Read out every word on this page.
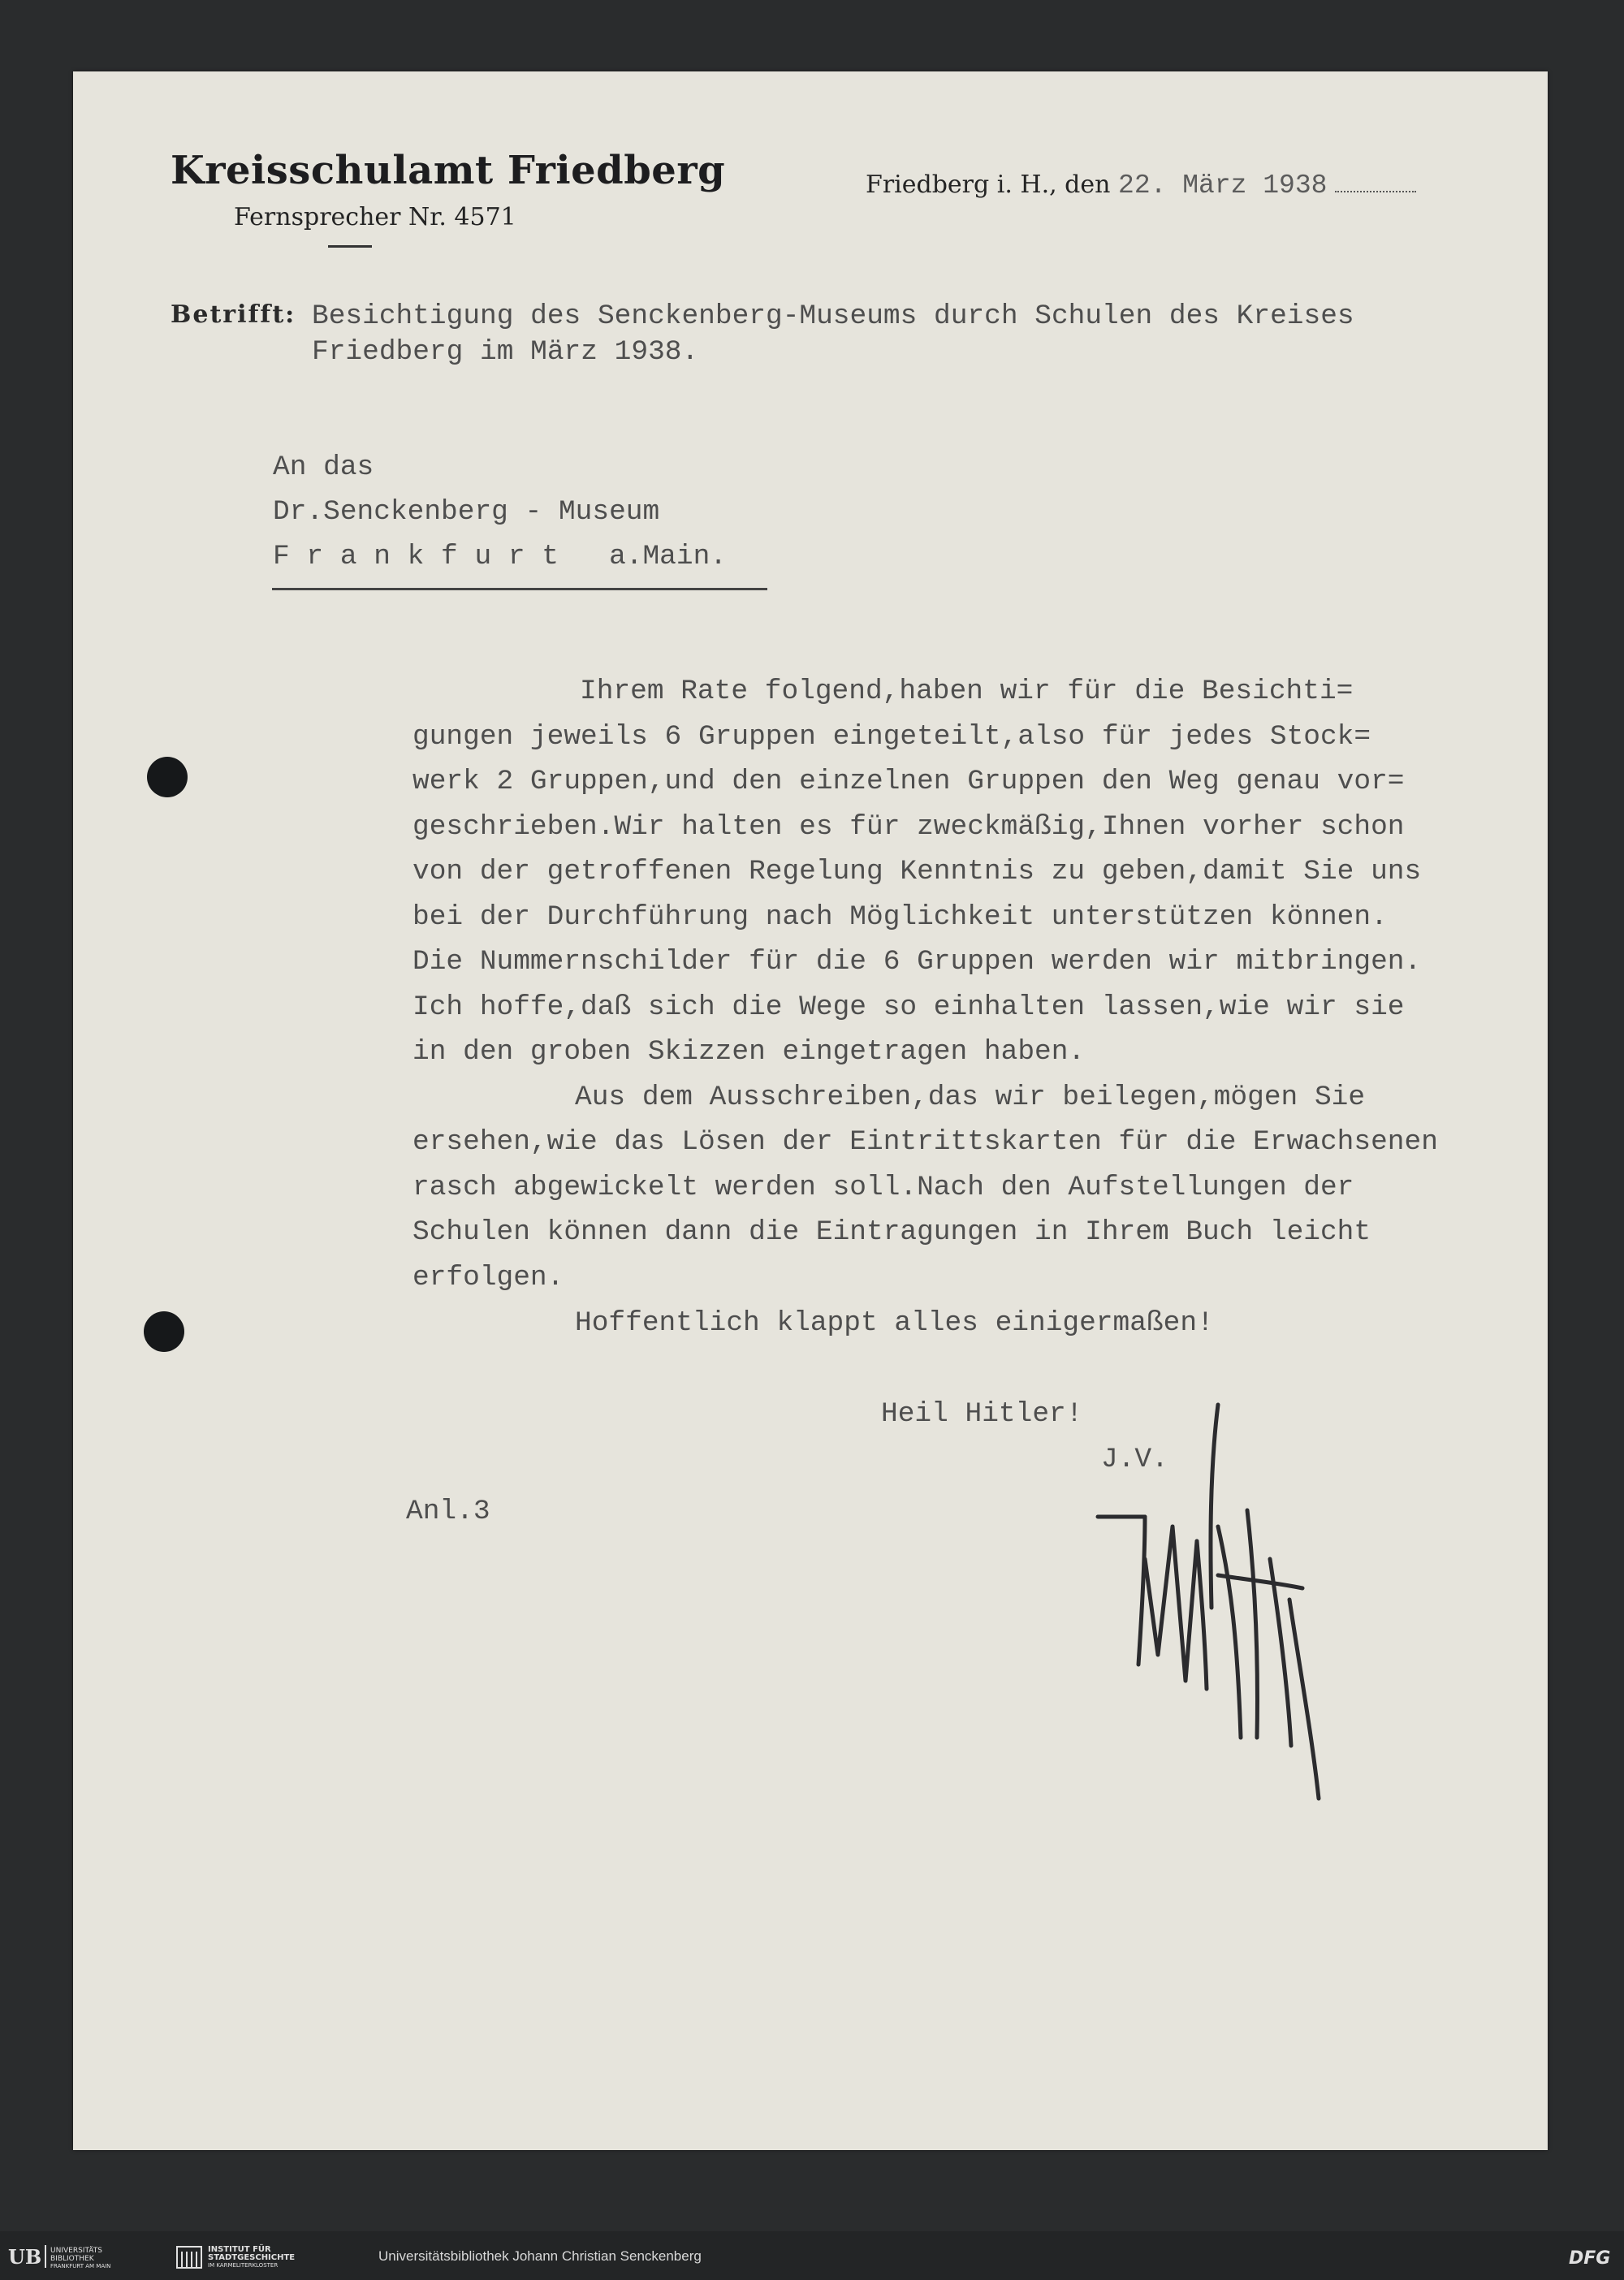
Kreisschulamt Friedberg
Fernsprecher Nr. 4571
Friedberg i. H., den 22. März 1938
Betrifft: Besichtigung des Senckenberg-Museums durch Schulen des Kreises
Friedberg im März 1938.
An das
Dr.Senckenberg - Museum
F r a n k f u r t   a.Main.
Ihrem Rate folgend,haben wir für die Besichti=
gungen jeweils 6 Gruppen eingeteilt,also für jedes Stock=
werk 2 Gruppen,und den einzelnen Gruppen den Weg genau vor=
geschrieben.Wir halten es für zweckmäßig,Ihnen vorher schon
von der getroffenen Regelung Kenntnis zu geben,damit Sie uns
bei der Durchführung nach Möglichkeit unterstützen können.
Die Nummernschilder für die 6 Gruppen werden wir mitbringen.
Ich hoffe,daß sich die Wege so einhalten lassen,wie wir sie
in den groben Skizzen eingetragen haben.
Aus dem Ausschreiben,das wir beilegen,mögen Sie
ersehen,wie das Lösen der Eintrittskarten für die Erwachsenen
rasch abgewickelt werden soll.Nach den Aufstellungen der
Schulen können dann die Eintragungen in Ihrem Buch leicht
erfolgen.
Hoffentlich klappt alles einigermaßen!
Heil Hitler!
J.V.
Anl.3
UB UNIVERSITÄTS
BIBLIOTHEK
FRANKFURT AM MAIN
INSTITUT FÜR
STADTGESCHICHTE
IM KARMELITERKLOSTER
Universitätsbibliothek Johann Christian Senckenberg	DFG
